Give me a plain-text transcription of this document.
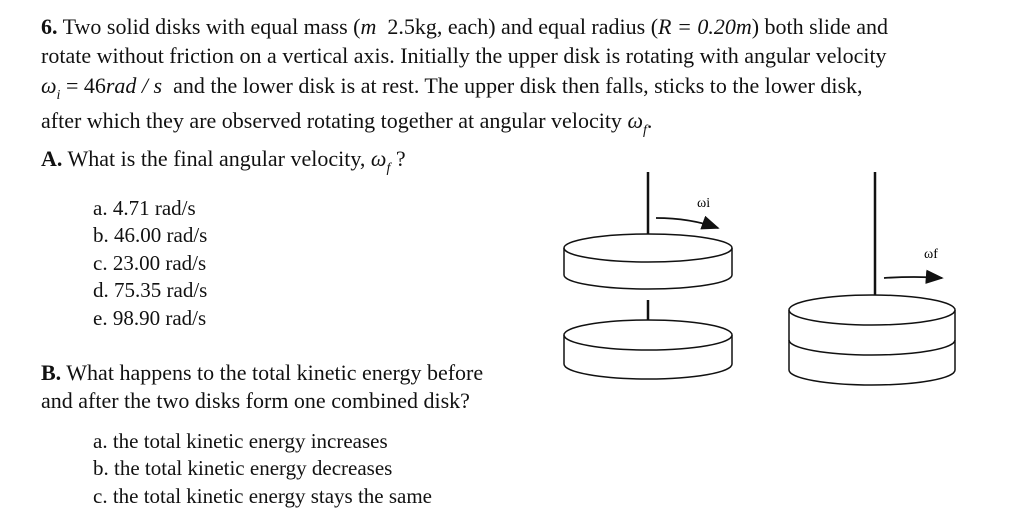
6. Two solid disks with equal mass (m 2.5kg, each) and equal radius (R = 0.20m) both slide and
rotate without friction on a vertical axis. Initially the upper disk is rotating with angular velocity
$\omega_i = 46rad / s$ and the lower disk is at rest. The upper disk then falls, sticks to the lower disk,
after which they are observed rotating together at angular velocity $\omega_f$.
A. What is the final angular velocity, $\omega_f$ ?
a. 4.71 rad/s
b. 46.00 rad/s
c. 23.00 rad/s
d. 75.35 rad/s
e. 98.90 rad/s
B. What happens to the total kinetic energy before
and after the two disks form one combined disk?
a. the total kinetic energy increases
b. the total kinetic energy decreases
c. the total kinetic energy stays the same
ωi
ωf
